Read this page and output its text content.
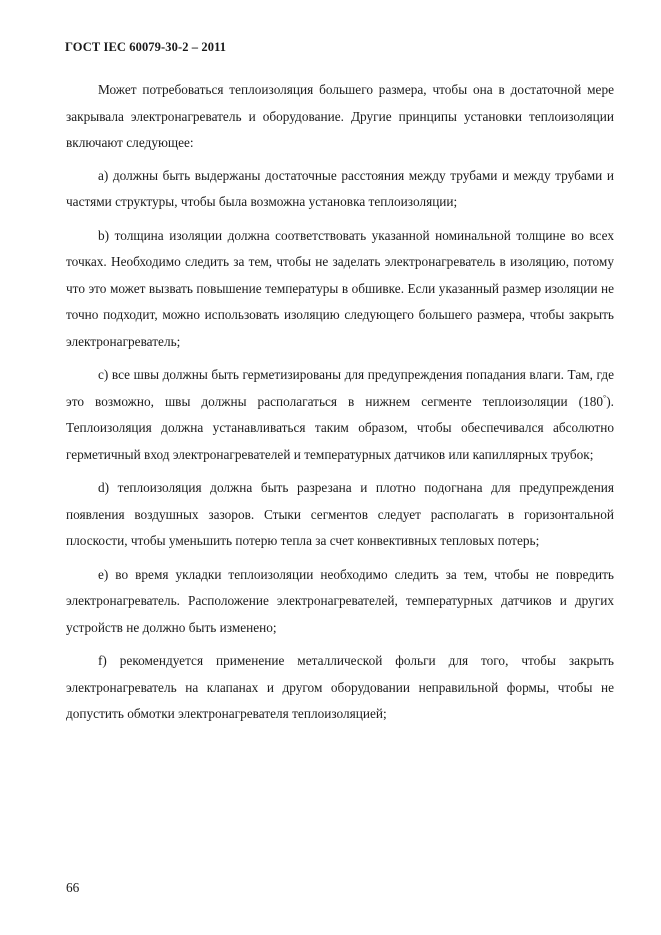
ГОСТ IEC 60079-30-2 – 2011

Может потребоваться теплоизоляция большего размера, чтобы она в достаточной мере закрывала электронагреватель и оборудование. Другие принципы установки теплоизоляции включают следующее:

a) должны быть выдержаны достаточные расстояния между трубами и между трубами и частями структуры, чтобы была возможна установка теплоизоляции;

b) толщина изоляции должна соответствовать указанной номинальной толщине во всех точках. Необходимо следить за тем, чтобы не заделать электронагреватель в изоляцию, потому что это может вызвать повышение температуры в обшивке. Если указанный размер изоляции не точно подходит, можно использовать изоляцию следующего большего размера, чтобы закрыть электронагреватель;

c) все швы должны быть герметизированы для предупреждения попадания влаги. Там, где это возможно, швы должны располагаться в нижнем сегменте теплоизоляции (180°). Теплоизоляция должна устанавливаться таким образом, чтобы обеспечивался абсолютно герметичный вход электронагревателей и температурных датчиков или капиллярных трубок;

d) теплоизоляция должна быть разрезана и плотно подогнана для предупреждения появления воздушных зазоров. Стыки сегментов следует располагать в горизонтальной плоскости, чтобы уменьшить потерю тепла за счет конвективных тепловых потерь;

e) во время укладки теплоизоляции необходимо следить за тем, чтобы не повредить электронагреватель. Расположение электронагревателей, температурных датчиков и других устройств не должно быть изменено;

f) рекомендуется применение металлической фольги для того, чтобы закрыть электронагреватель на клапанах и другом оборудовании неправильной формы, чтобы не допустить обмотки электронагревателя теплоизоляцией;

66
